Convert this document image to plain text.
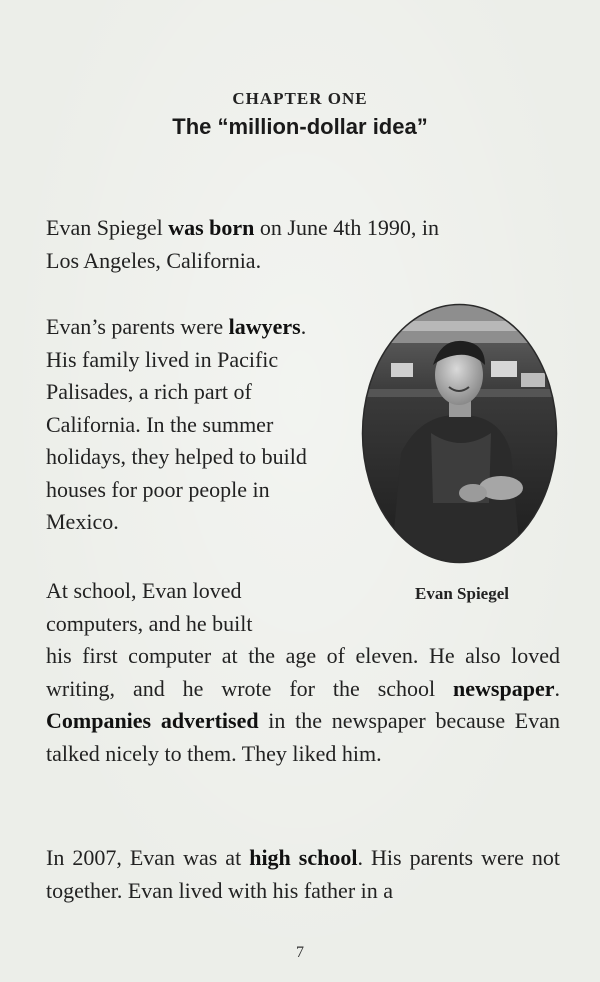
CHAPTER ONE
The “million-dollar idea”
Evan Spiegel was born on June 4th 1990, in
Los Angeles, California.
Evan’s parents were lawyers. His family lived in Pacific Palisades, a rich part of California. In the summer holidays, they helped to build houses for poor people in Mexico.
Evan Spiegel
At school, Evan loved
computers, and he built
his first computer at the age of eleven. He also loved writing, and he wrote for the school newspaper. Companies advertised in the newspaper because Evan talked nicely to them. They liked him.
In 2007, Evan was at high school. His parents were not together. Evan lived with his father in a
7
